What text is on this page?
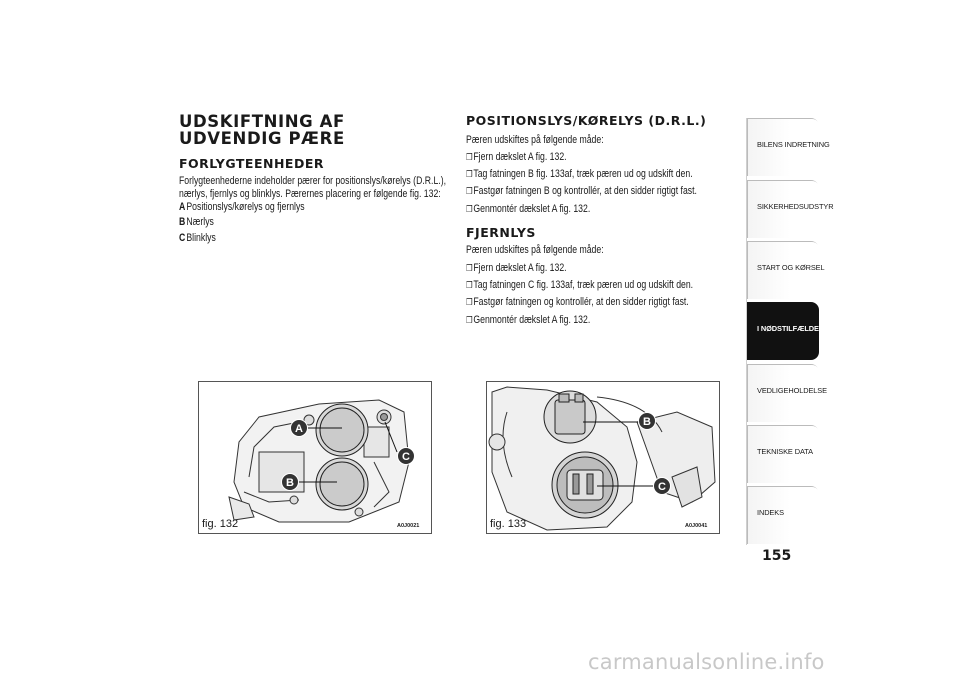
UDSKIFTNING AF UDVENDIG PÆRE
FORLYGTEENHEDER

Forlygteenhederne indeholder pærer for positionslys/kørelys (D.R.L.), nærlys, fjernlys og blinklys. Pærernes placering er følgende fig. 132:

APositionslys/kørelys og fjernlys
BNærlys
CBlinklys
POSITIONSLYS/KØRELYS (D.R.L.)
Pæren udskiftes på følgende måde:
❒Fjern dækslet A fig. 132.
❒Tag fatningen B fig. 133af, træk pæren ud og udskift den.
❒Fastgør fatningen B og kontrollér, at den sidder rigtigt fast.
❒Genmontér dækslet A fig. 132.
FJERNLYS
Pæren udskiftes på følgende måde:
❒Fjern dækslet A fig. 132.
❒Tag fatningen C fig. 133af, træk pæren ud og udskift den.
❒Fastgør fatningen og kontrollér, at den sidder rigtigt fast.
❒Genmontér dækslet A fig. 132.
A
B
C
fig. 132	A0J0021
B
C
fig. 133	A0J0041
BILENS INDRETNING
SIKKERHEDSUDSTYR
START OG KØRSEL
I NØDSTILFÆLDE
VEDLIGEHOLDELSE
TEKNISKE DATA
INDEKS
155
carmanualsonline.info
